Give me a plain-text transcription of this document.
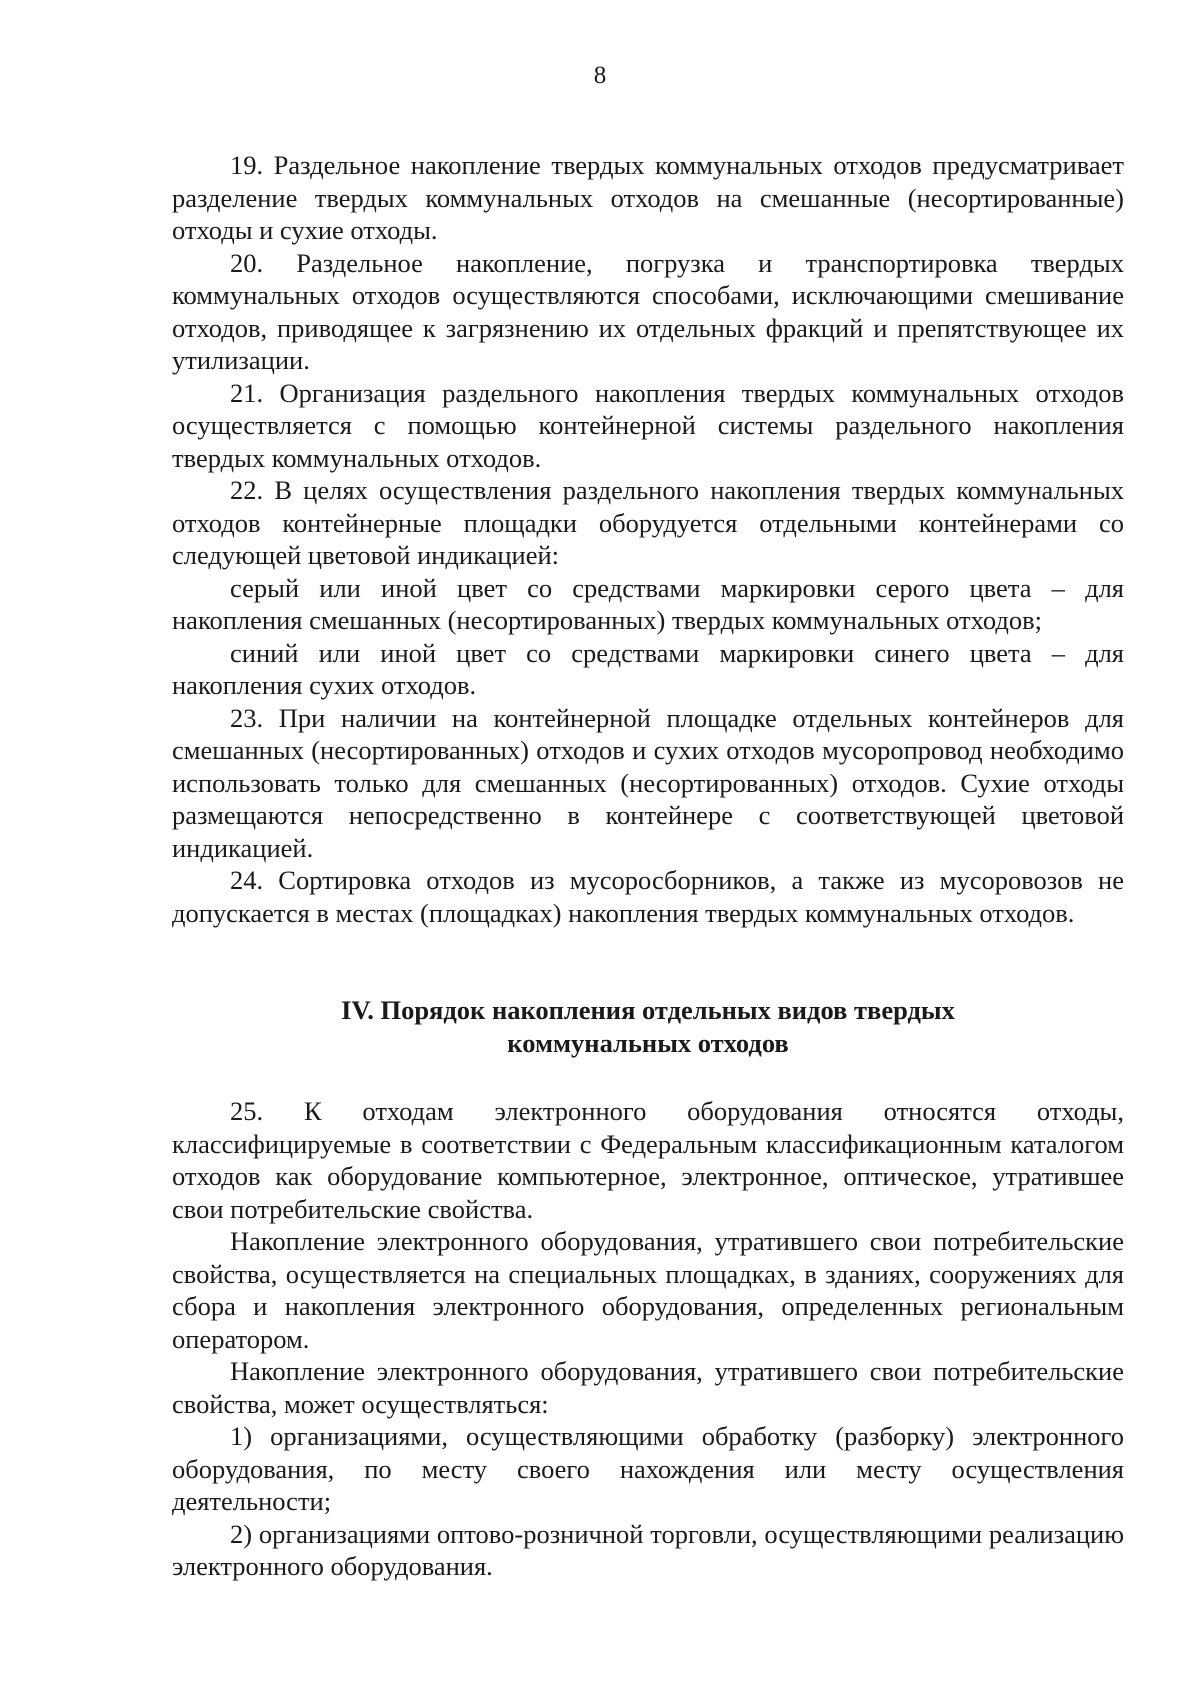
8

19. Раздельное накопление твердых коммунальных отходов предусматривает разделение твердых коммунальных отходов на смешанные (несортированные) отходы и сухие отходы.

20. Раздельное накопление, погрузка и транспортировка твердых коммунальных отходов осуществляются способами, исключающими смешивание отходов, приводящее к загрязнению их отдельных фракций и препятствующее их утилизации.

21. Организация раздельного накопления твердых коммунальных отходов осуществляется с помощью контейнерной системы раздельного накопления твердых коммунальных отходов.

22. В целях осуществления раздельного накопления твердых коммунальных отходов контейнерные площадки оборудуется отдельными контейнерами со следующей цветовой индикацией:

серый или иной цвет со средствами маркировки серого цвета – для накопления смешанных (несортированных) твердых коммунальных отходов;

синий или иной цвет со средствами маркировки синего цвета – для накопления сухих отходов.

23. При наличии на контейнерной площадке отдельных контейнеров для смешанных (несортированных) отходов и сухих отходов мусоропровод необходимо использовать только для смешанных (несортированных) отходов. Сухие отходы размещаются непосредственно в контейнере с соответствующей цветовой индикацией.

24. Сортировка отходов из мусоросборников, а также из мусоровозов не допускается в местах (площадках) накопления твердых коммунальных отходов.

IV. Порядок накопления отдельных видов твердых
коммунальных отходов

25. К отходам электронного оборудования относятся отходы, классифицируемые в соответствии с Федеральным классификационным каталогом отходов как оборудование компьютерное, электронное, оптическое, утратившее свои потребительские свойства.

Накопление электронного оборудования, утратившего свои потребительские свойства, осуществляется на специальных площадках, в зданиях, сооружениях для сбора и накопления электронного оборудования, определенных региональным оператором.

Накопление электронного оборудования, утратившего свои потребительские свойства, может осуществляться:

1) организациями, осуществляющими обработку (разборку) электронного оборудования, по месту своего нахождения или месту осуществления деятельности;

2) организациями оптово-розничной торговли, осуществляющими реализацию электронного оборудования.
